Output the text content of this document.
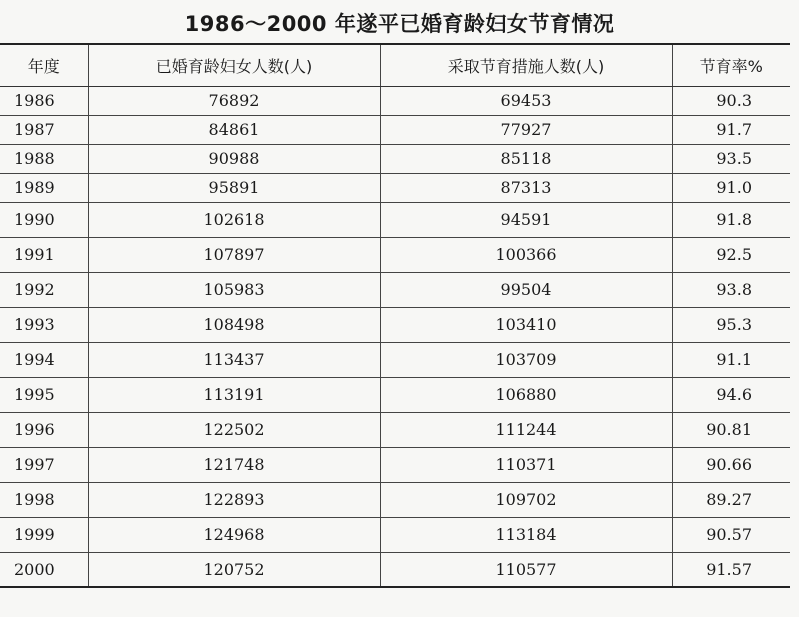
1986～2000 年遂平已婚育龄妇女节育情况
年度	已婚育龄妇女人数(人)	采取节育措施人数(人)	节育率%
1986	76892	69453	90.3
1987	84861	77927	91.7
1988	90988	85118	93.5
1989	95891	87313	91.0
1990	102618	94591	91.8
1991	107897	100366	92.5
1992	105983	99504	93.8
1993	108498	103410	95.3
1994	113437	103709	91.1
1995	113191	106880	94.6
1996	122502	111244	90.81
1997	121748	110371	90.66
1998	122893	109702	89.27
1999	124968	113184	90.57
2000	120752	110577	91.57
